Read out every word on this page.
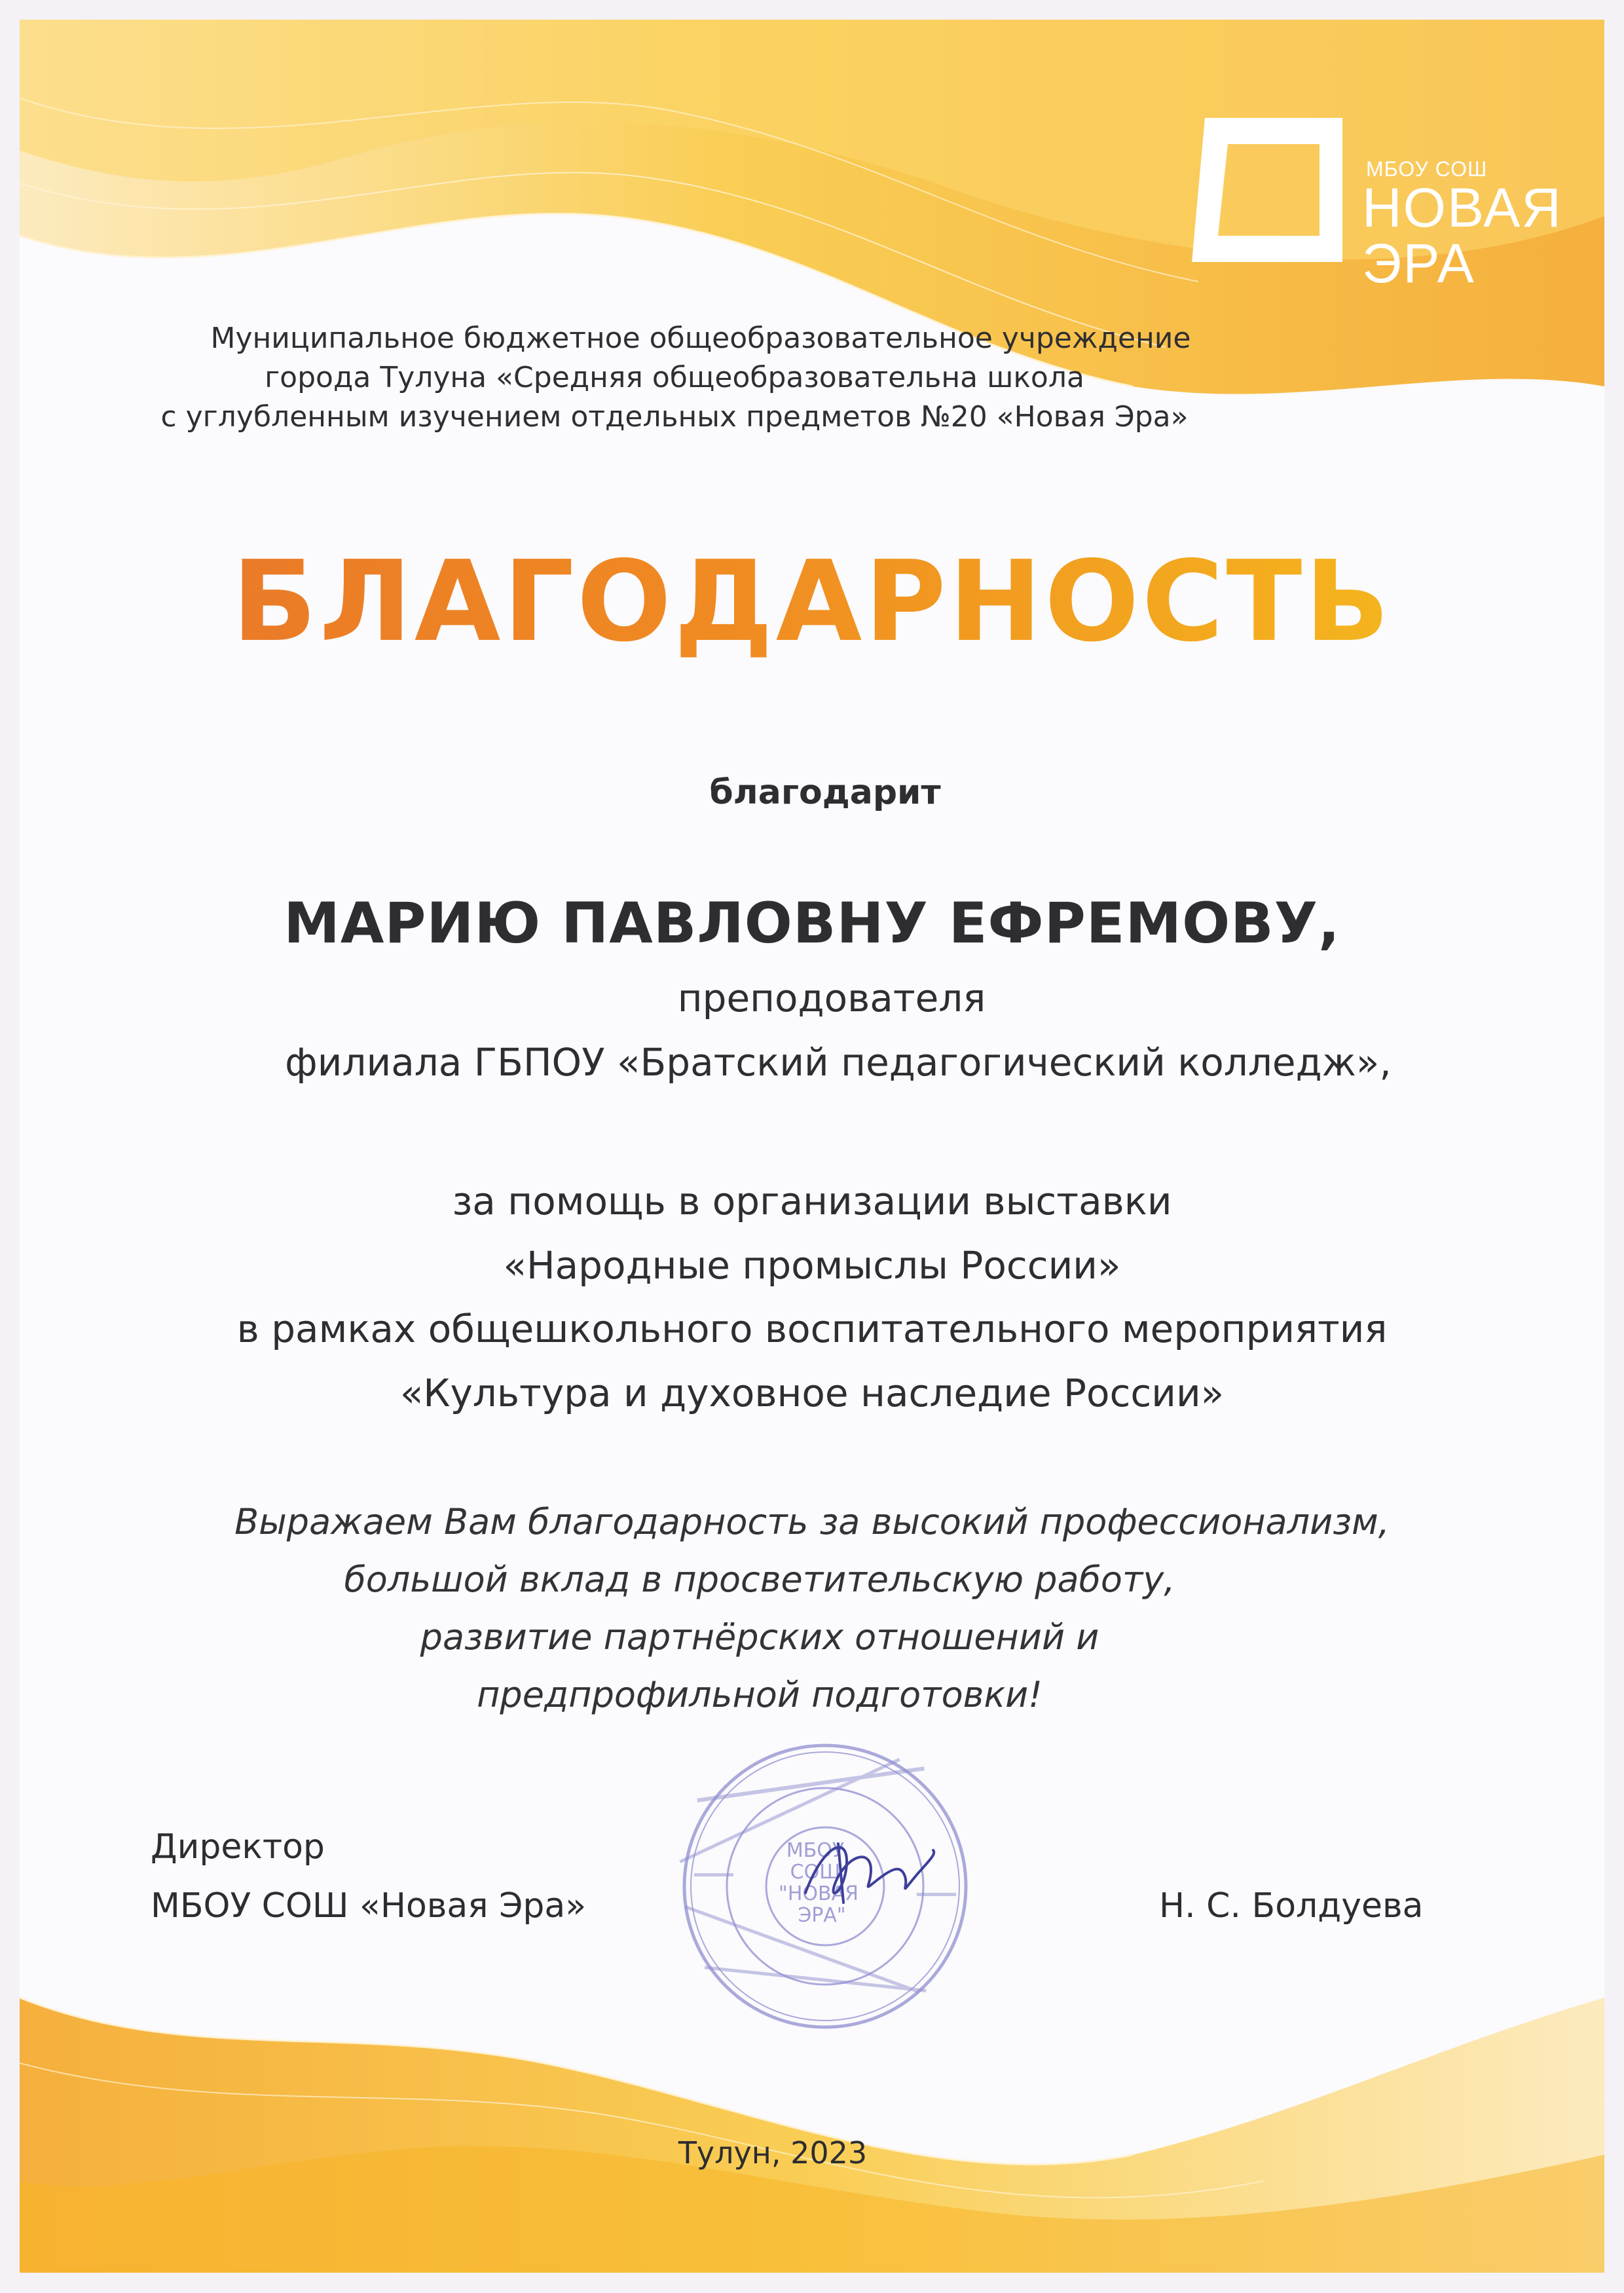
МБОУ СОШ
НОВАЯ
ЭРА
Муниципальное бюджетное общеобразовательное учреждение
города Тулуна «Средняя общеобразовательна школа
с углубленным изучением отдельных предметов №20 «Новая Эра»
БЛАГОДАРНОСТЬ
благодарит
МАРИЮ ПАВЛОВНУ ЕФРЕМОВУ,
преподователя
филиала ГБПОУ «Братский педагогический колледж»,
за помощь в организации выставки
«Народные промыслы России»
в рамках общешкольного воспитательного мероприятия
«Культура и духовное наследие России»
Выражаем Вам благодарность за высокий профессионализм,
большой вклад в просветительскую работу,
развитие партнёрских отношений и
предпрофильной подготовки!
Директор
МБОУ СОШ «Новая Эра»	Н. С. Болдуева
МБОУ
СОШ
"НОВАЯ
ЭРА"
Тулун, 2023
